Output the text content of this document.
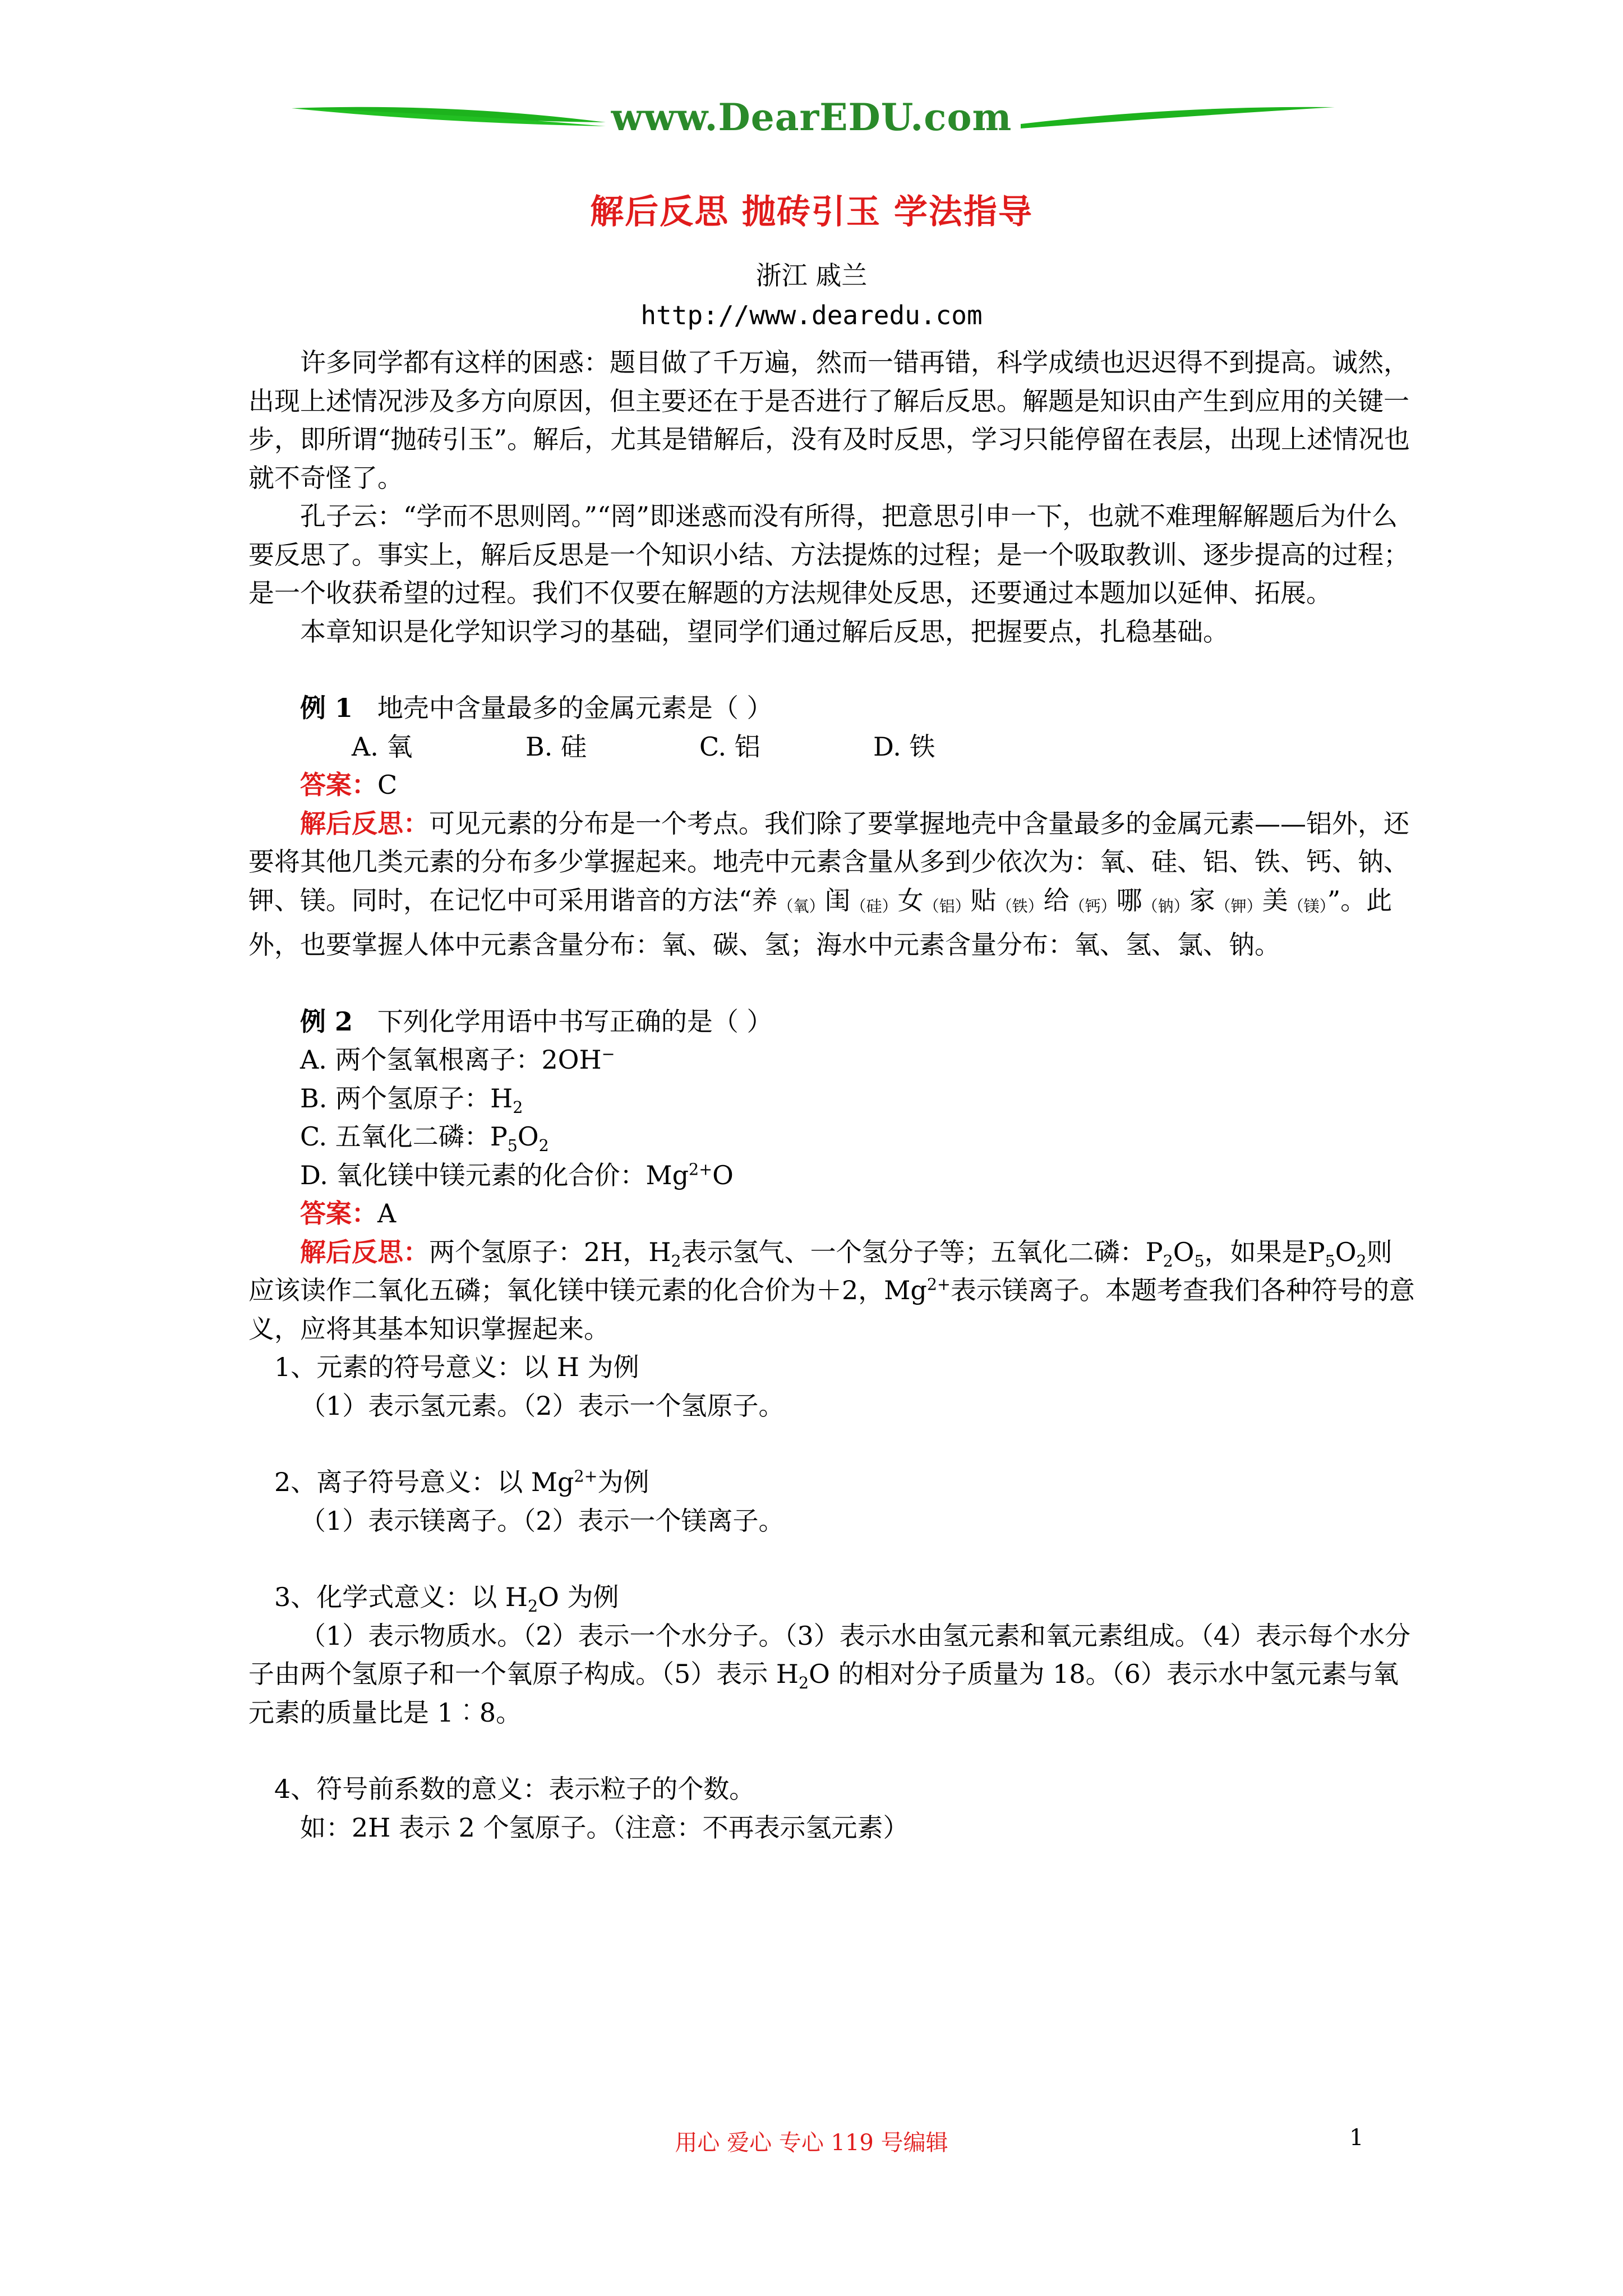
www.DearEDU.com
解后反思 抛砖引玉 学法指导
浙江 戚兰
http://www.dearedu.com

许多同学都有这样的困惑：题目做了千万遍，然而一错再错，科学成绩也迟迟得不到提高。诚然，出现上述情况涉及多方向原因，但主要还在于是否进行了解后反思。解题是知识由产生到应用的关键一步，即所谓“抛砖引玉”。解后，尤其是错解后，没有及时反思，学习只能停留在表层，出现上述情况也就不奇怪了。

孔子云：“学而不思则罔。”“罔”即迷惑而没有所得，把意思引申一下，也就不难理解解题后为什么要反思了。事实上，解后反思是一个知识小结、方法提炼的过程；是一个吸取教训、逐步提高的过程；是一个收获希望的过程。我们不仅要在解题的方法规律处反思，还要通过本题加以延伸、拓展。

本章知识是化学知识学习的基础，望同学们通过解后反思，把握要点，扎稳基础。

例 1 地壳中含量最多的金属元素是（ ）

A. 氧	B. 硅	C. 铝	D. 铁

答案：C

解后反思：可见元素的分布是一个考点。我们除了要掌握地壳中含量最多的金属元素——铝外，还要将其他几类元素的分布多少掌握起来。地壳中元素含量从多到少依次为：氧、硅、铝、铁、钙、钠、钾、镁。同时，在记忆中可采用谐音的方法“养（氧）闺（硅）女（铝）贴（铁）给（钙）哪（钠）家（钾）美（镁）”。此外，也要掌握人体中元素含量分布：氧、碳、氢；海水中元素含量分布：氧、氢、氯、钠。

例 2 下列化学用语中书写正确的是（ ）

A. 两个氢氧根离子：2OH−

B. 两个氢原子：$H_2$

C. 五氧化二磷：$P_5O_2$

D. 氧化镁中镁元素的化合价：$Mg^{2+}O$

答案：A

解后反思：两个氢原子：2H，$H_2$表示氢气、一个氢分子等；五氧化二磷：$P_2O_5$，如果是$P_5O_2$则应该读作二氧化五磷；氧化镁中镁元素的化合价为＋2，$Mg^{2+}$表示镁离子。本题考查我们各种符号的意义，应将其基本知识掌握起来。

1、元素的符号意义：以 H 为例

（1）表示氢元素。（2）表示一个氢原子。

2、离子符号意义：以 $Mg^{2+}$为例

（1）表示镁离子。（2）表示一个镁离子。

3、化学式意义：以 $H_2O$ 为例

（1）表示物质水。（2）表示一个水分子。（3）表示水由氢元素和氧元素组成。（4）表示每个水分子由两个氢原子和一个氧原子构成。（5）表示 $H_2O$ 的相对分子质量为 18。（6）表示水中氢元素与氧元素的质量比是 1︰8。

4、符号前系数的意义：表示粒子的个数。

如：2H 表示 2 个氢原子。（注意：不再表示氢元素）

用心 爱心 专心 119 号编辑	1
